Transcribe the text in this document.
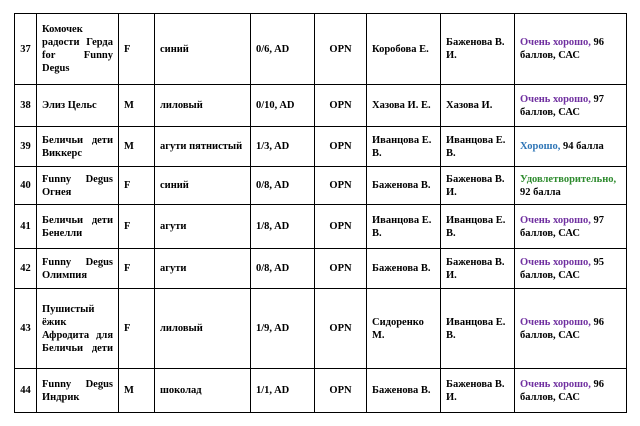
37	Комочек радости Герда for Funny Degus	F	синий	0/6, AD	OPN	Коробова Е.	Баженова В. И.	Очень хорошо, 96 баллов, САС
38	Элиз Цельс	M	лиловый	0/10, AD	OPN	Хазова И. Е.	Хазова И.	Очень хорошо, 97 баллов, САС
39	Беличьи дети Виккерс	M	агути пятнистый	1/3, AD	OPN	Иванцова Е. В.	Иванцова Е. В.	Хорошо, 94 балла
40	Funny Degus Огнея	F	синий	0/8, AD	OPN	Баженова В.	Баженова В. И.	Удовлетворительно, 92 балла
41	Беличьи дети Бенелли	F	агути	1/8, AD	OPN	Иванцова Е. В.	Иванцова Е. В.	Очень хорошо, 97 баллов, САС
42	Funny Degus Олимпия	F	агути	0/8, AD	OPN	Баженова В.	Баженова В. И.	Очень хорошо, 95 баллов, САС
43	Пушистый ёжик Афродита для Беличьи дети	F	лиловый	1/9, AD	OPN	Сидоренко М.	Иванцова Е. В.	Очень хорошо, 96 баллов, САС
44	Funny Degus Индрик	M	шоколад	1/1, AD	OPN	Баженова В.	Баженова В. И.	Очень хорошо, 96 баллов, САС
